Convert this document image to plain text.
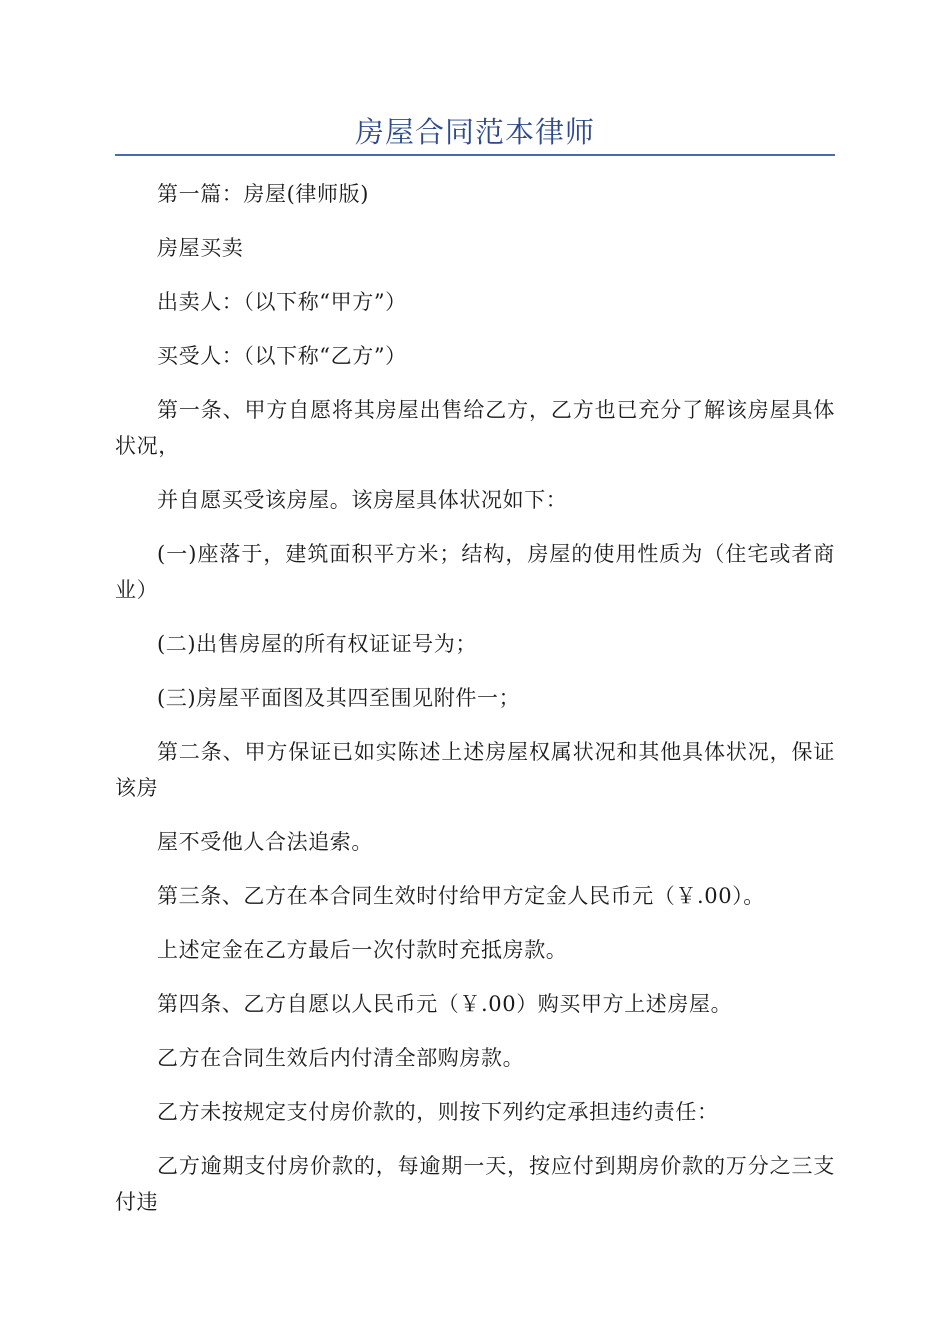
房屋合同范本律师

第一篇：房屋(律师版)

房屋买卖

出卖人：（以下称“甲方”）

买受人：（以下称“乙方”）

第一条、甲方自愿将其房屋出售给乙方，乙方也已充分了解该房屋具体状况，

并自愿买受该房屋。该房屋具体状况如下：

(一)座落于，建筑面积平方米；结构，房屋的使用性质为（住宅或者商业）

(二)出售房屋的所有权证证号为；

(三)房屋平面图及其四至围见附件一；

第二条、甲方保证已如实陈述上述房屋权属状况和其他具体状况，保证该房

屋不受他人合法追索。

第三条、乙方在本合同生效时付给甲方定金人民币元（￥.00）。

上述定金在乙方最后一次付款时充抵房款。

第四条、乙方自愿以人民币元（￥.00）购买甲方上述房屋。

乙方在合同生效后内付清全部购房款。

乙方未按规定支付房价款的，则按下列约定承担违约责任：

乙方逾期支付房价款的，每逾期一天，按应付到期房价款的万分之三支付违
